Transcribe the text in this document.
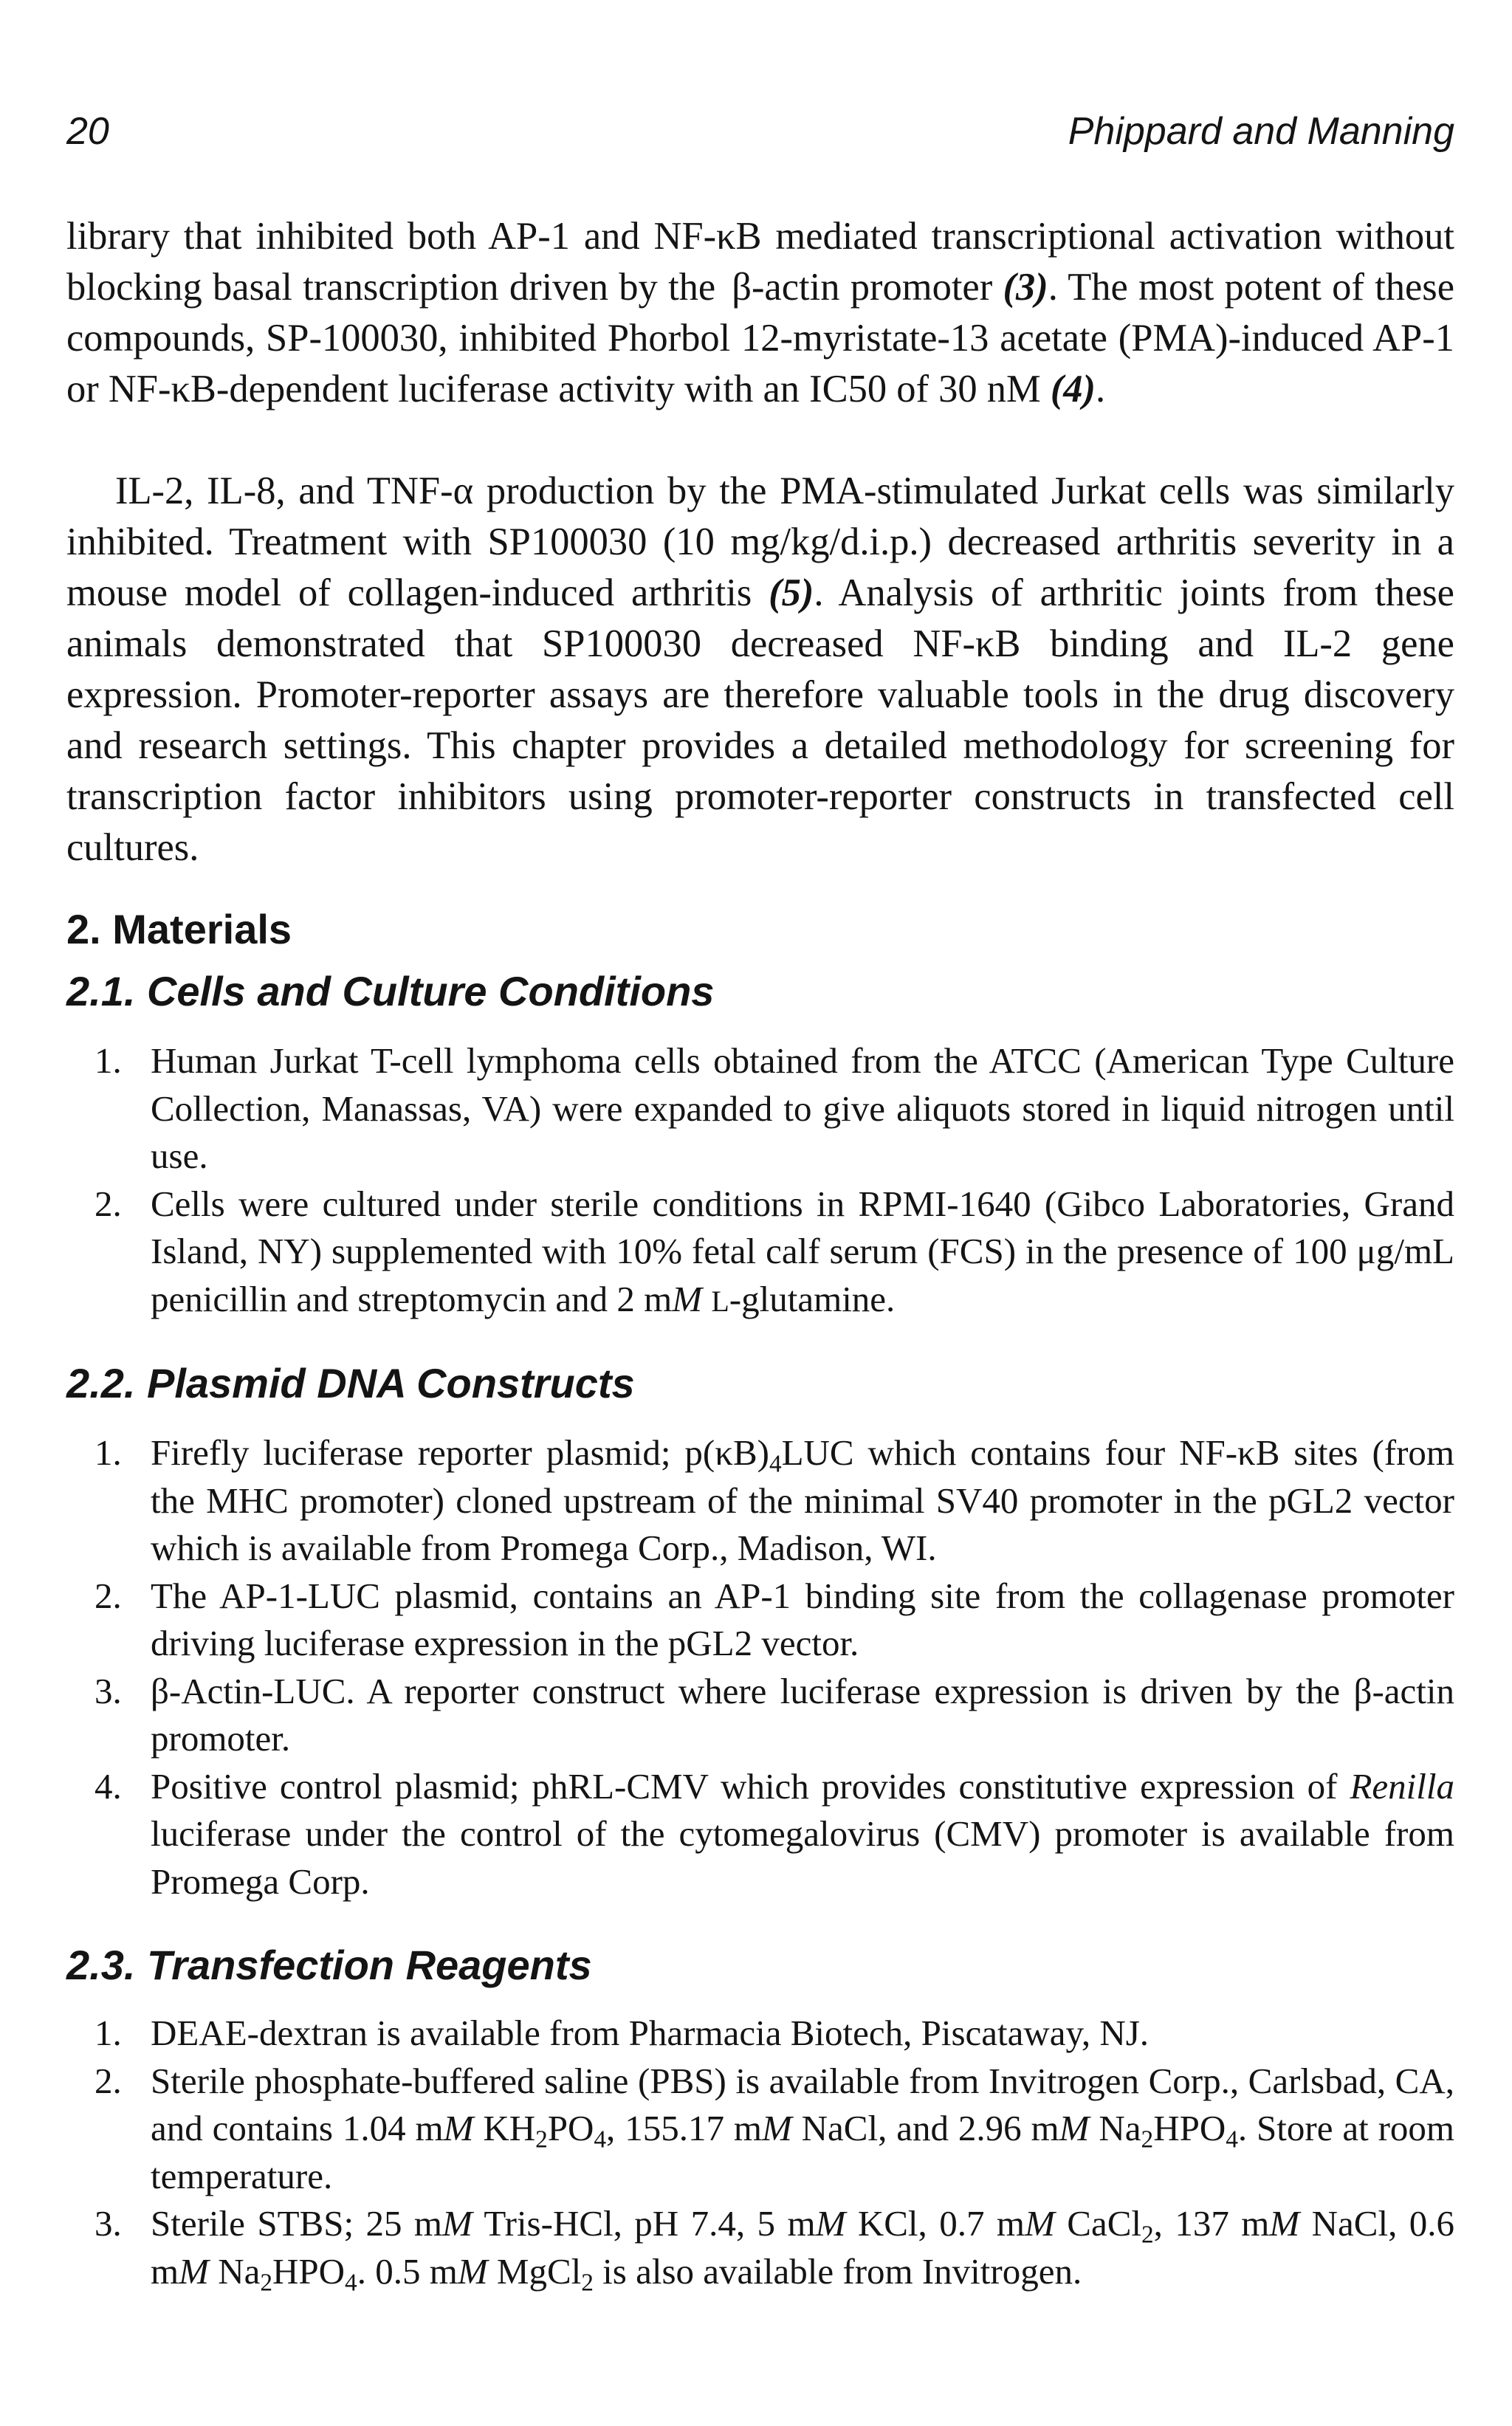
20	Phippard and Manning

library that inhibited both AP-1 and NF-κB mediated transcriptional activation without blocking basal transcription driven by the β-actin promoter (3). The most potent of these compounds, SP-100030, inhibited Phorbol 12-myristate-13 acetate (PMA)-induced AP-1 or NF-κB-dependent luciferase activity with an IC50 of 30 nM (4).

IL-2, IL-8, and TNF-α production by the PMA-stimulated Jurkat cells was similarly inhibited. Treatment with SP100030 (10 mg/kg/d.i.p.) decreased arthritis severity in a mouse model of collagen-induced arthritis (5). Analysis of arthritic joints from these animals demonstrated that SP100030 decreased NF-κB binding and IL-2 gene expression. Promoter-reporter assays are therefore valuable tools in the drug discovery and research settings. This chapter provides a detailed methodology for screening for transcription factor inhibitors using promoter-reporter constructs in transfected cell cultures.

2. Materials
2.1. Cells and Culture Conditions
1. Human Jurkat T-cell lymphoma cells obtained from the ATCC (American Type Culture Collection, Manassas, VA) were expanded to give aliquots stored in liquid nitrogen until use.
2. Cells were cultured under sterile conditions in RPMI-1640 (Gibco Laboratories, Grand Island, NY) supplemented with 10% fetal calf serum (FCS) in the presence of 100 μg/mL penicillin and streptomycin and 2 mM L-glutamine.
2.2. Plasmid DNA Constructs
1. Firefly luciferase reporter plasmid; $p(\kappa B)_4LUC$ which contains four NF-κB sites (from the MHC promoter) cloned upstream of the minimal SV40 promoter in the pGL2 vector which is available from Promega Corp., Madison, WI.
2. The AP-1-LUC plasmid, contains an AP-1 binding site from the collagenase promoter driving luciferase expression in the pGL2 vector.
3. β-Actin-LUC. A reporter construct where luciferase expression is driven by the β-actin promoter.
4. Positive control plasmid; phRL-CMV which provides constitutive expression of Renilla luciferase under the control of the cytomegalovirus (CMV) promoter is available from Promega Corp.
2.3. Transfection Reagents
1. DEAE-dextran is available from Pharmacia Biotech, Piscataway, NJ.
2. Sterile phosphate-buffered saline (PBS) is available from Invitrogen Corp., Carlsbad, CA, and contains 1.04 mM $KH_2PO_4$, 155.17 mM NaCl, and 2.96 mM $Na_2HPO_4$. Store at room temperature.
3. Sterile STBS; 25 mM Tris-HCl, pH 7.4, 5 mM KCl, 0.7 mM CaCl$_2$, 137 mM NaCl, 0.6 mM $Na_2HPO_4$. 0.5 mM MgCl$_2$ is also available from Invitrogen.
